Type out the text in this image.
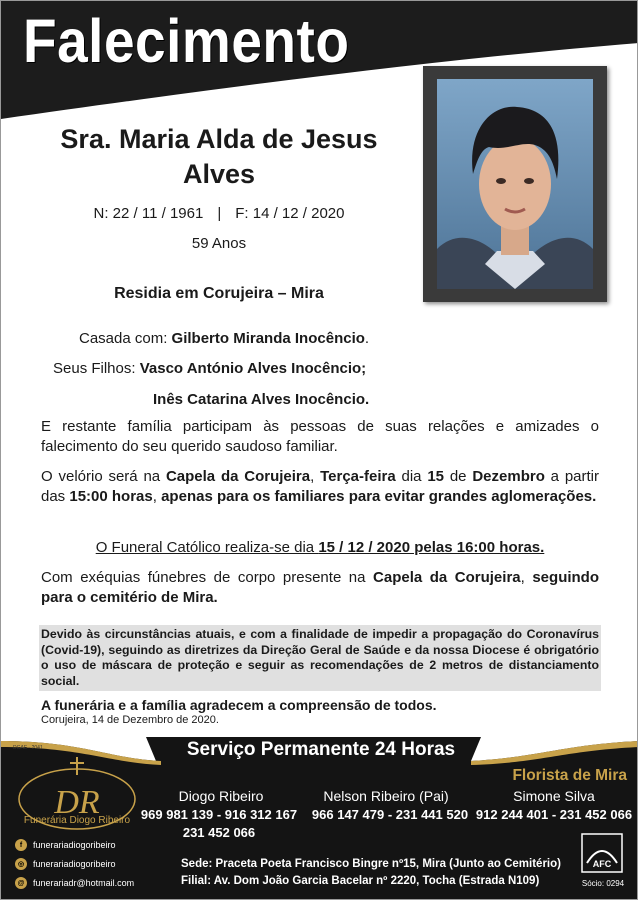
Falecimento
Sra. Maria Alda de Jesus
Alves
N: 22 / 11 / 1961 | F: 14 / 12 / 2020
59 Anos
Residia em Corujeira – Mira
Casada com: Gilberto Miranda Inocêncio.
Seus Filhos: Vasco António Alves Inocêncio;
Inês Catarina Alves Inocêncio.
E restante família participam às pessoas de suas relações e amizades o falecimento do seu querido saudoso familiar.
O velório será na Capela da Corujeira, Terça-feira dia 15 de Dezembro a partir das 15:00 horas, apenas para os familiares para evitar grandes aglomerações.
O Funeral Católico realiza-se dia 15 / 12 / 2020 pelas 16:00 horas.
Com exéquias fúnebres de corpo presente na Capela da Corujeira, seguindo para o cemitério de Mira.
Devido às circunstâncias atuais, e com a finalidade de impedir a propagação do Coronavírus (Covid-19), seguindo as diretrizes da Direção Geral de Saúde e da nossa Diocese é obrigatório o uso de máscara de proteção e seguir as recomendações de 2 metros de distanciamento social.
A funerária e a família agradecem a compreensão de todos.
Corujeira, 14 de Dezembro de 2020.
DGAE - 2041	Serviço Permanente 24 Horas
Florista de Mira
DR
Funerária Diogo Ribeiro
Diogo Ribeiro
969 981 139 - 916 312 167
231 452 066
Nelson Ribeiro (Pai)
966 147 479 - 231 441 520
Simone Silva
912 244 401 - 231 452 066
f	funerariadiogoribeiro
◎ funerariadiogoribeiro
@ funerariadr@hotmail.com
Sede: Praceta Poeta Francisco Bingre nº15, Mira (Junto ao Cemitério)
Filial: Av. Dom João Garcia Bacelar nº 2220, Tocha (Estrada N109)
AFC
Sócio: 0294
